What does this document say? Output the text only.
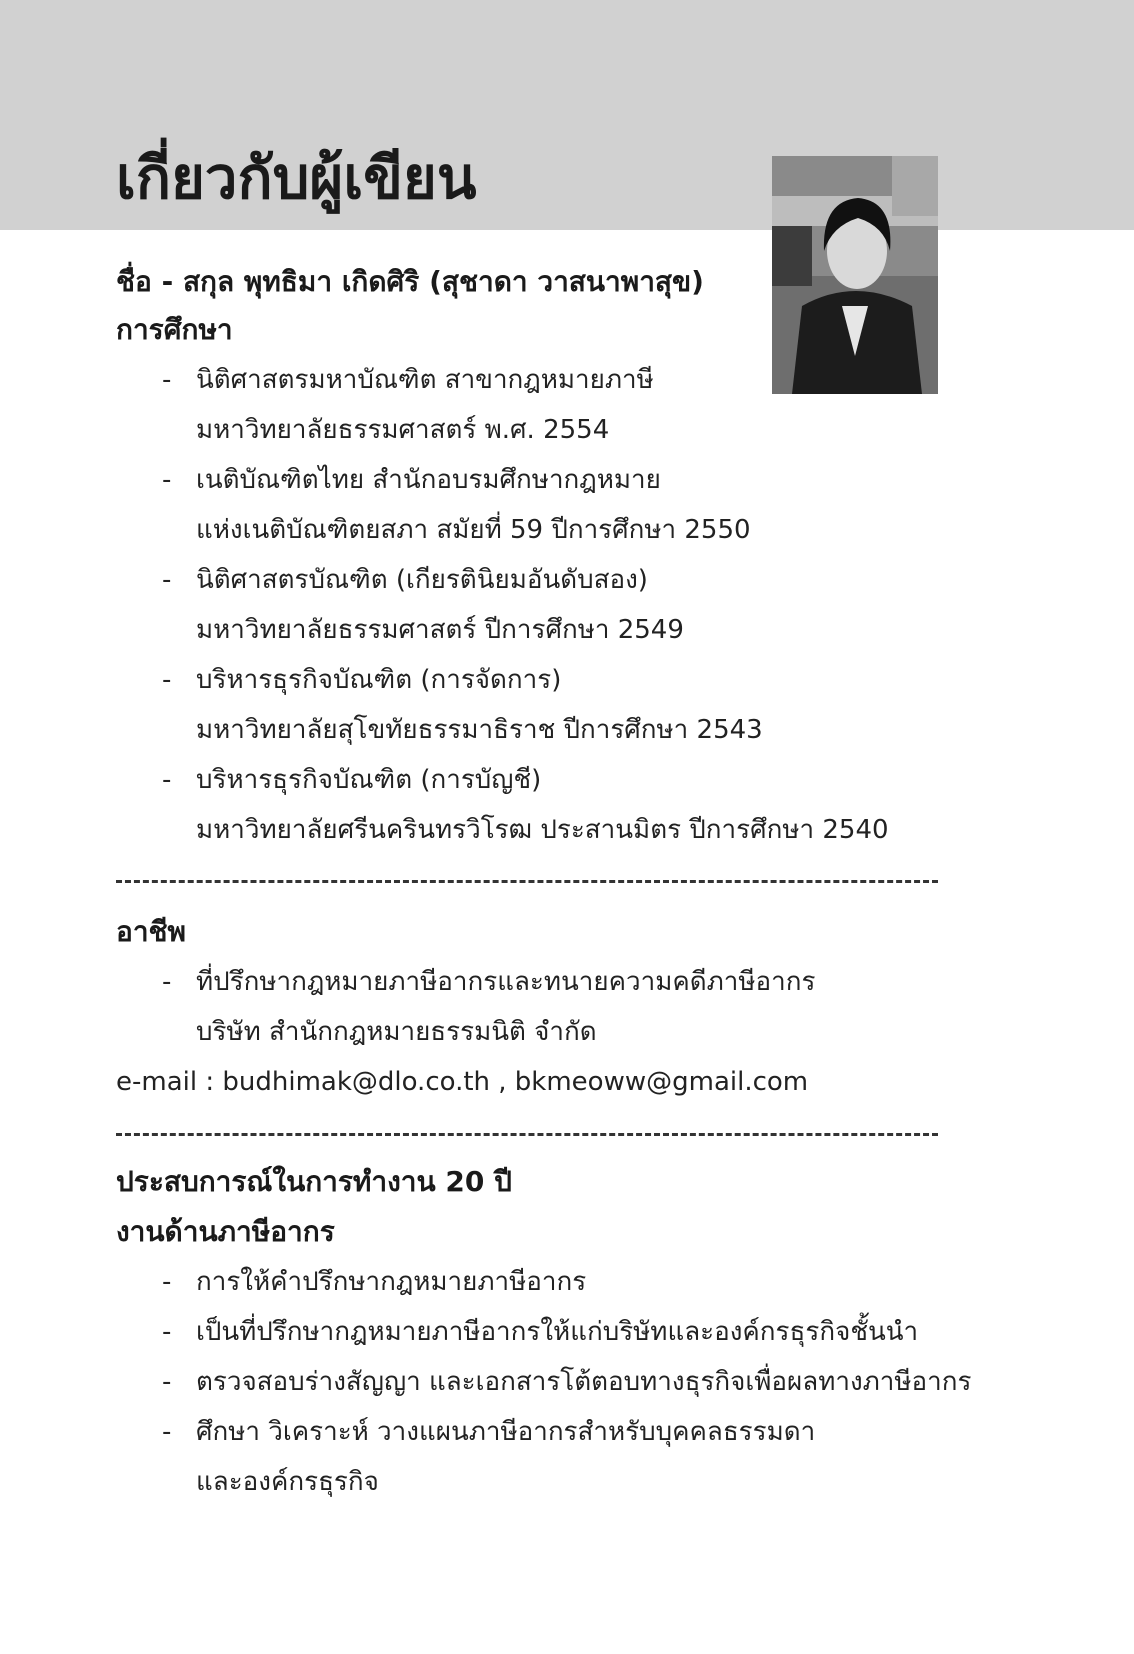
เกี่ยวกับผู้เขียน
ชื่อ - สกุล พุทธิมา เกิดศิริ (สุชาดา วาสนาพาสุข)
การศึกษา
- นิติศาสตรมหาบัณฑิต สาขากฎหมายภาษี
มหาวิทยาลัยธรรมศาสตร์ พ.ศ. 2554
- เนติบัณฑิตไทย สำนักอบรมศึกษากฎหมาย
แห่งเนติบัณฑิตยสภา สมัยที่ 59 ปีการศึกษา 2550
- นิติศาสตรบัณฑิต (เกียรตินิยมอันดับสอง)
มหาวิทยาลัยธรรมศาสตร์ ปีการศึกษา 2549
- บริหารธุรกิจบัณฑิต (การจัดการ)
มหาวิทยาลัยสุโขทัยธรรมาธิราช ปีการศึกษา 2543
- บริหารธุรกิจบัณฑิต (การบัญชี)
มหาวิทยาลัยศรีนครินทรวิโรฒ ประสานมิตร ปีการศึกษา 2540
อาชีพ
- ที่ปรึกษากฎหมายภาษีอากรและทนายความคดีภาษีอากร
บริษัท สำนักกฎหมายธรรมนิติ จำกัด
e-mail : budhimak@dlo.co.th , bkmeoww@gmail.com
ประสบการณ์ในการทำงาน 20 ปี
งานด้านภาษีอากร
- การให้คำปรึกษากฎหมายภาษีอากร
- เป็นที่ปรึกษากฎหมายภาษีอากรให้แก่บริษัทและองค์กรธุรกิจชั้นนำ
- ตรวจสอบร่างสัญญา และเอกสารโต้ตอบทางธุรกิจเพื่อผลทางภาษีอากร
- ศึกษา วิเคราะห์ วางแผนภาษีอากรสำหรับบุคคลธรรมดา
และองค์กรธุรกิจ
